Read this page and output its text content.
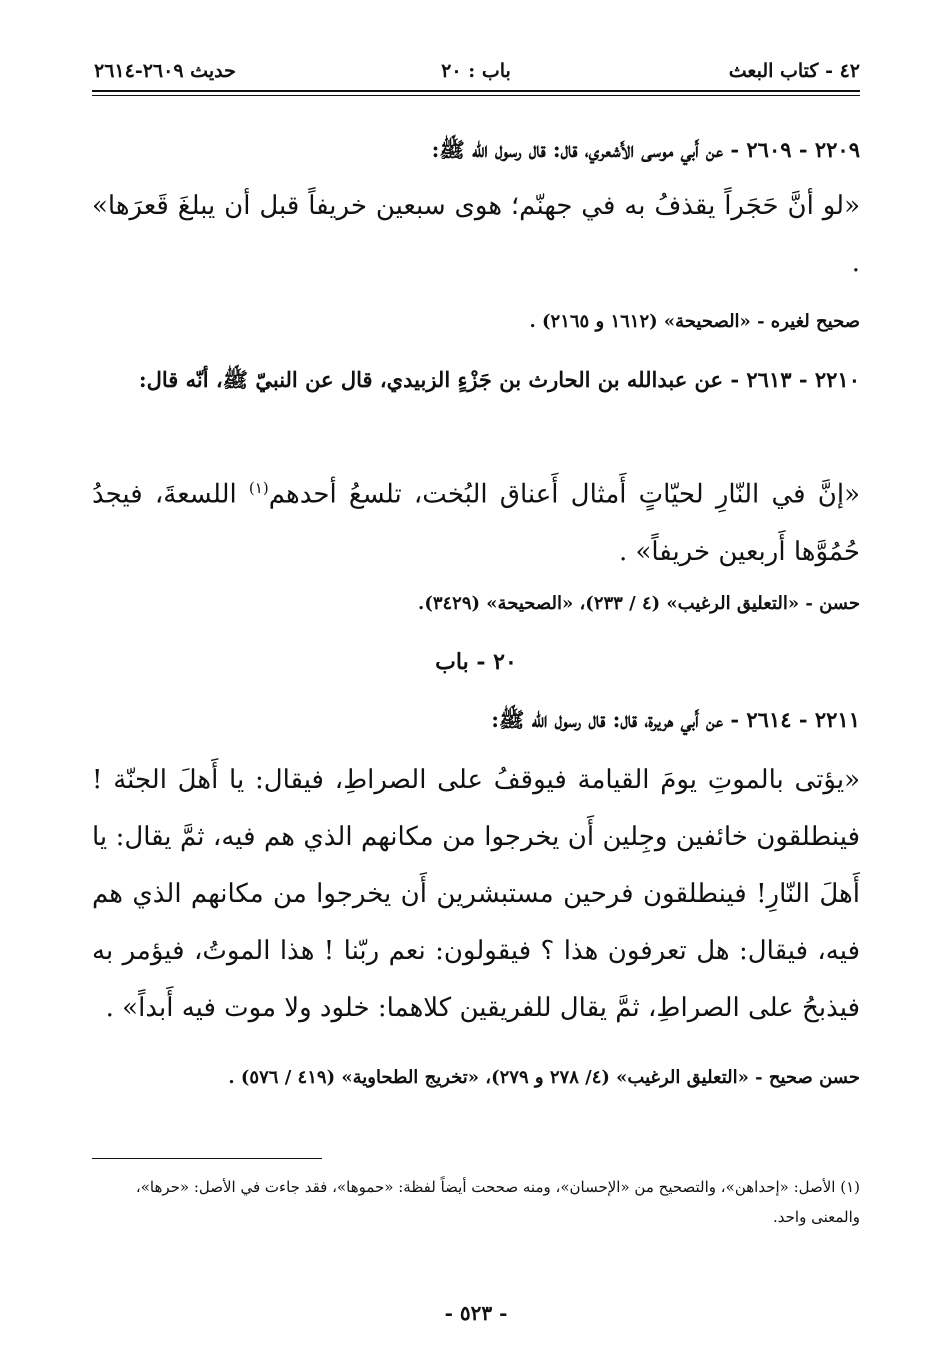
٤٢ - كتاب البعث
باب : ٢٠
حديث ٢٦٠٩-٢٦١٤
٢٢٠٩ - ٢٦٠٩ - عن أَبي موسى الأَشعري، قال: قال رسول الله ﷺ:
«لو أنَّ حَجَراً يقذفُ به في جهنّم؛ هوى سبعين خريفاً قبل أن يبلغَ قَعرَها» .
صحيح لغيره - «الصحيحة» (١٦١٢ و ٢١٦٥) .
٢٢١٠ - ٢٦١٣ - عن عبدالله بن الحارث بن جَزْءٍ الزبيدي، قال عن النبيّ ﷺ، أنّه قال:
«إنَّ في النّارِ لحيّاتٍ أَمثال أَعناق البُخت، تلسعُ أحدهم$^{(١)}$ اللسعةَ، فيجدُ حُمُوَّها أَربعين خريفاً» .
حسن - «التعليق الرغيب» (٤ / ٢٣٣)، «الصحيحة» (٣٤٢٩).
٢٠ - باب
٢٢١١ - ٢٦١٤ - عن أَبي هريرة، قال: قال رسول الله ﷺ:
«يؤتى بالموتِ يومَ القيامة فيوقفُ على الصراطِ، فيقال: يا أَهلَ الجنّة ! فينطلقون خائفين وجِلين أَن يخرجوا من مكانهم الذي هم فيه، ثمَّ يقال: يا أَهلَ النّارِ! فينطلقون فرحين مستبشرين أَن يخرجوا من مكانهم الذي هم فيه، فيقال: هل تعرفون هذا ؟ فيقولون: نعم ربّنا ! هذا الموتُ، فيؤمر به فيذبحُ على الصراطِ، ثمَّ يقال للفريقين كلاهما: خلود ولا موت فيه أَبداً» .
حسن صحيح - «التعليق الرغيب» (٤/ ٢٧٨ و ٢٧٩)، «تخريج الطحاوية» (٤١٩ / ٥٧٦) .
(١) الأصل: «إحداهن»، والتصحيح من «الإحسان»، ومنه صححت أيضاً لفظة: «حموها»، فقد جاءت في الأصل: «حرها»، والمعنى واحد.
- ٥٢٣ -
